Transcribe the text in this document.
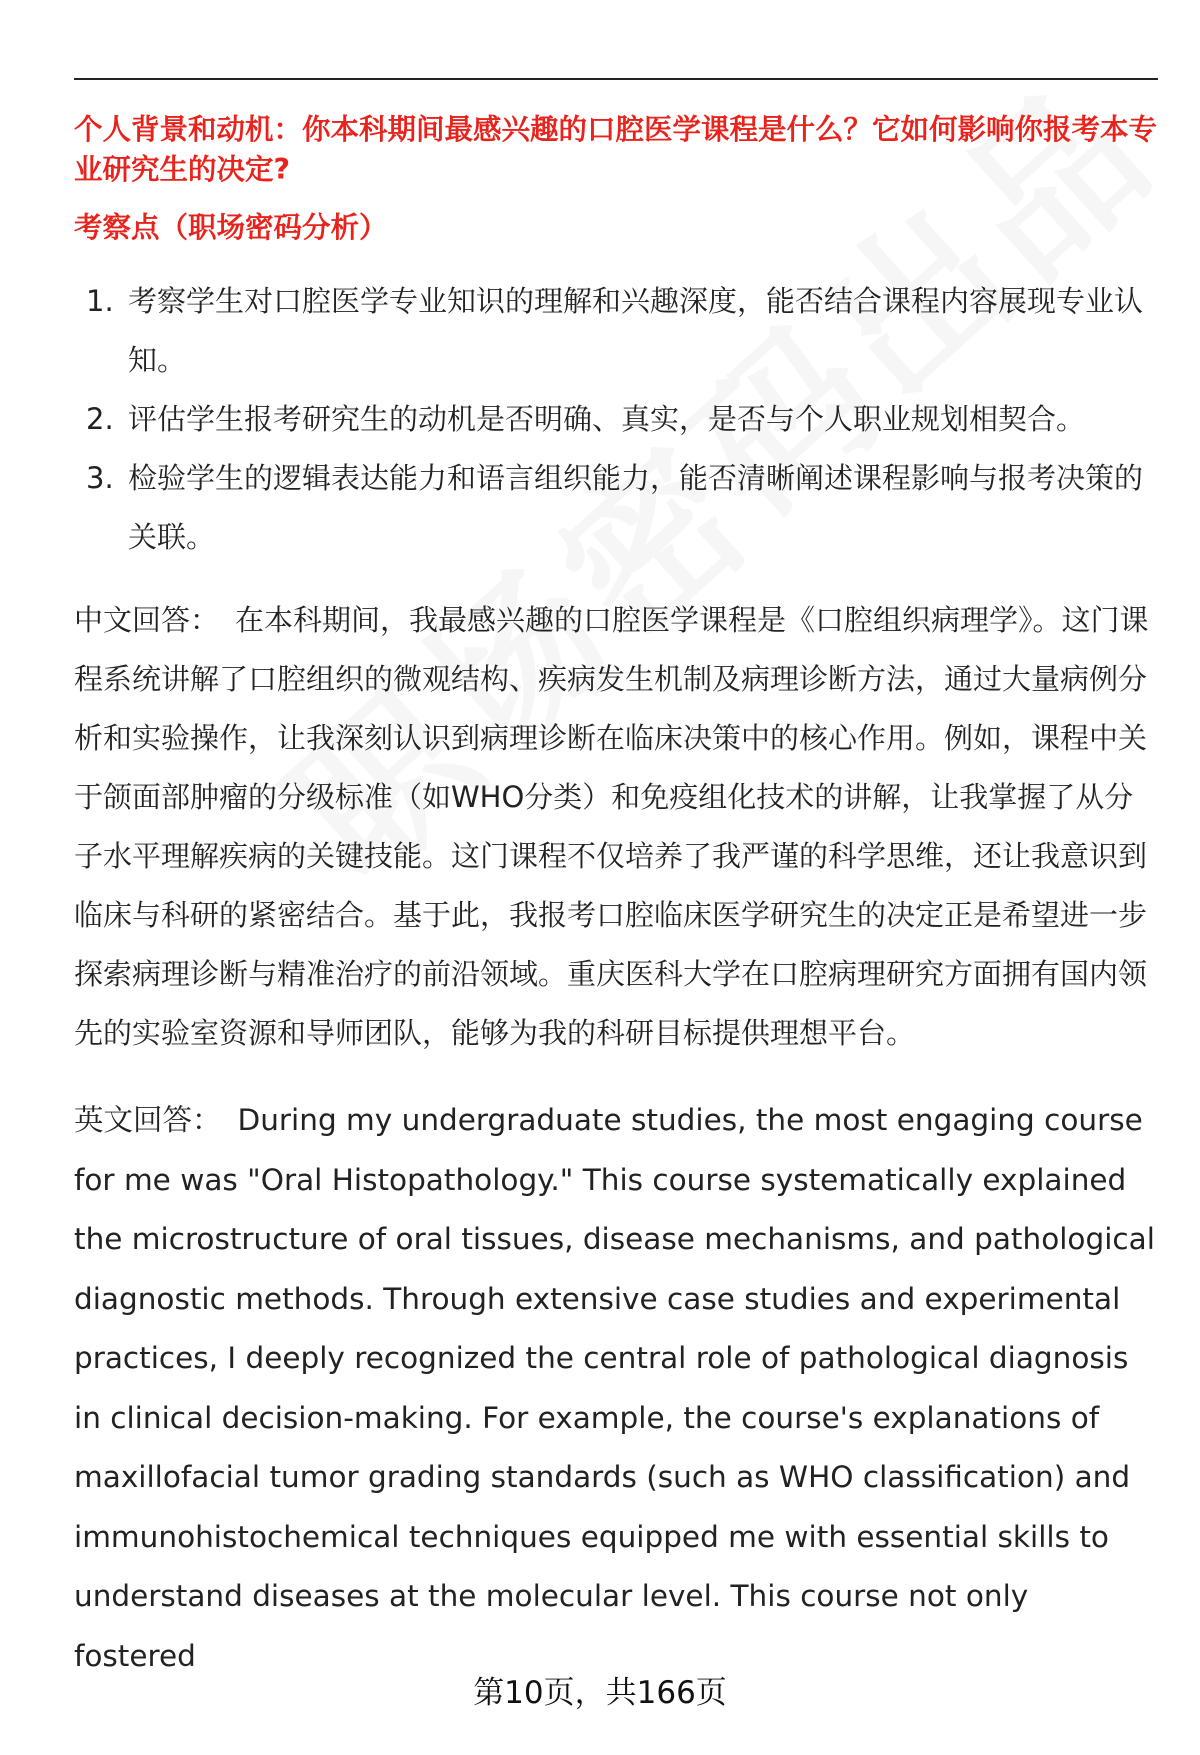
个人背景和动机：你本科期间最感兴趣的口腔医学课程是什么？它如何影响你报考本专业研究生的决定?

考察点（职场密码分析）

1. 考察学生对口腔医学专业知识的理解和兴趣深度，能否结合课程内容展现专业认知。
2. 评估学生报考研究生的动机是否明确、真实，是否与个人职业规划相契合。
3. 检验学生的逻辑表达能力和语言组织能力，能否清晰阐述课程影响与报考决策的关联。

中文回答： 在本科期间，我最感兴趣的口腔医学课程是《口腔组织病理学》。这门课程系统讲解了口腔组织的微观结构、疾病发生机制及病理诊断方法，通过大量病例分析和实验操作，让我深刻认识到病理诊断在临床决策中的核心作用。例如，课程中关于颌面部肿瘤的分级标准（如WHO分类）和免疫组化技术的讲解，让我掌握了从分子水平理解疾病的关键技能。这门课程不仅培养了我严谨的科学思维，还让我意识到临床与科研的紧密结合。基于此，我报考口腔临床医学研究生的决定正是希望进一步探索病理诊断与精准治疗的前沿领域。重庆医科大学在口腔病理研究方面拥有国内领先的实验室资源和导师团队，能够为我的科研目标提供理想平台。

英文回答： During my undergraduate studies, the most engaging course for me was "Oral Histopathology." This course systematically explained the microstructure of oral tissues, disease mechanisms, and pathological diagnostic methods. Through extensive case studies and experimental practices, I deeply recognized the central role of pathological diagnosis in clinical decision-making. For example, the course's explanations of maxillofacial tumor grading standards (such as WHO classification) and immunohistochemical techniques equipped me with essential skills to understand diseases at the molecular level. This course not only fostered

第10页，共166页
